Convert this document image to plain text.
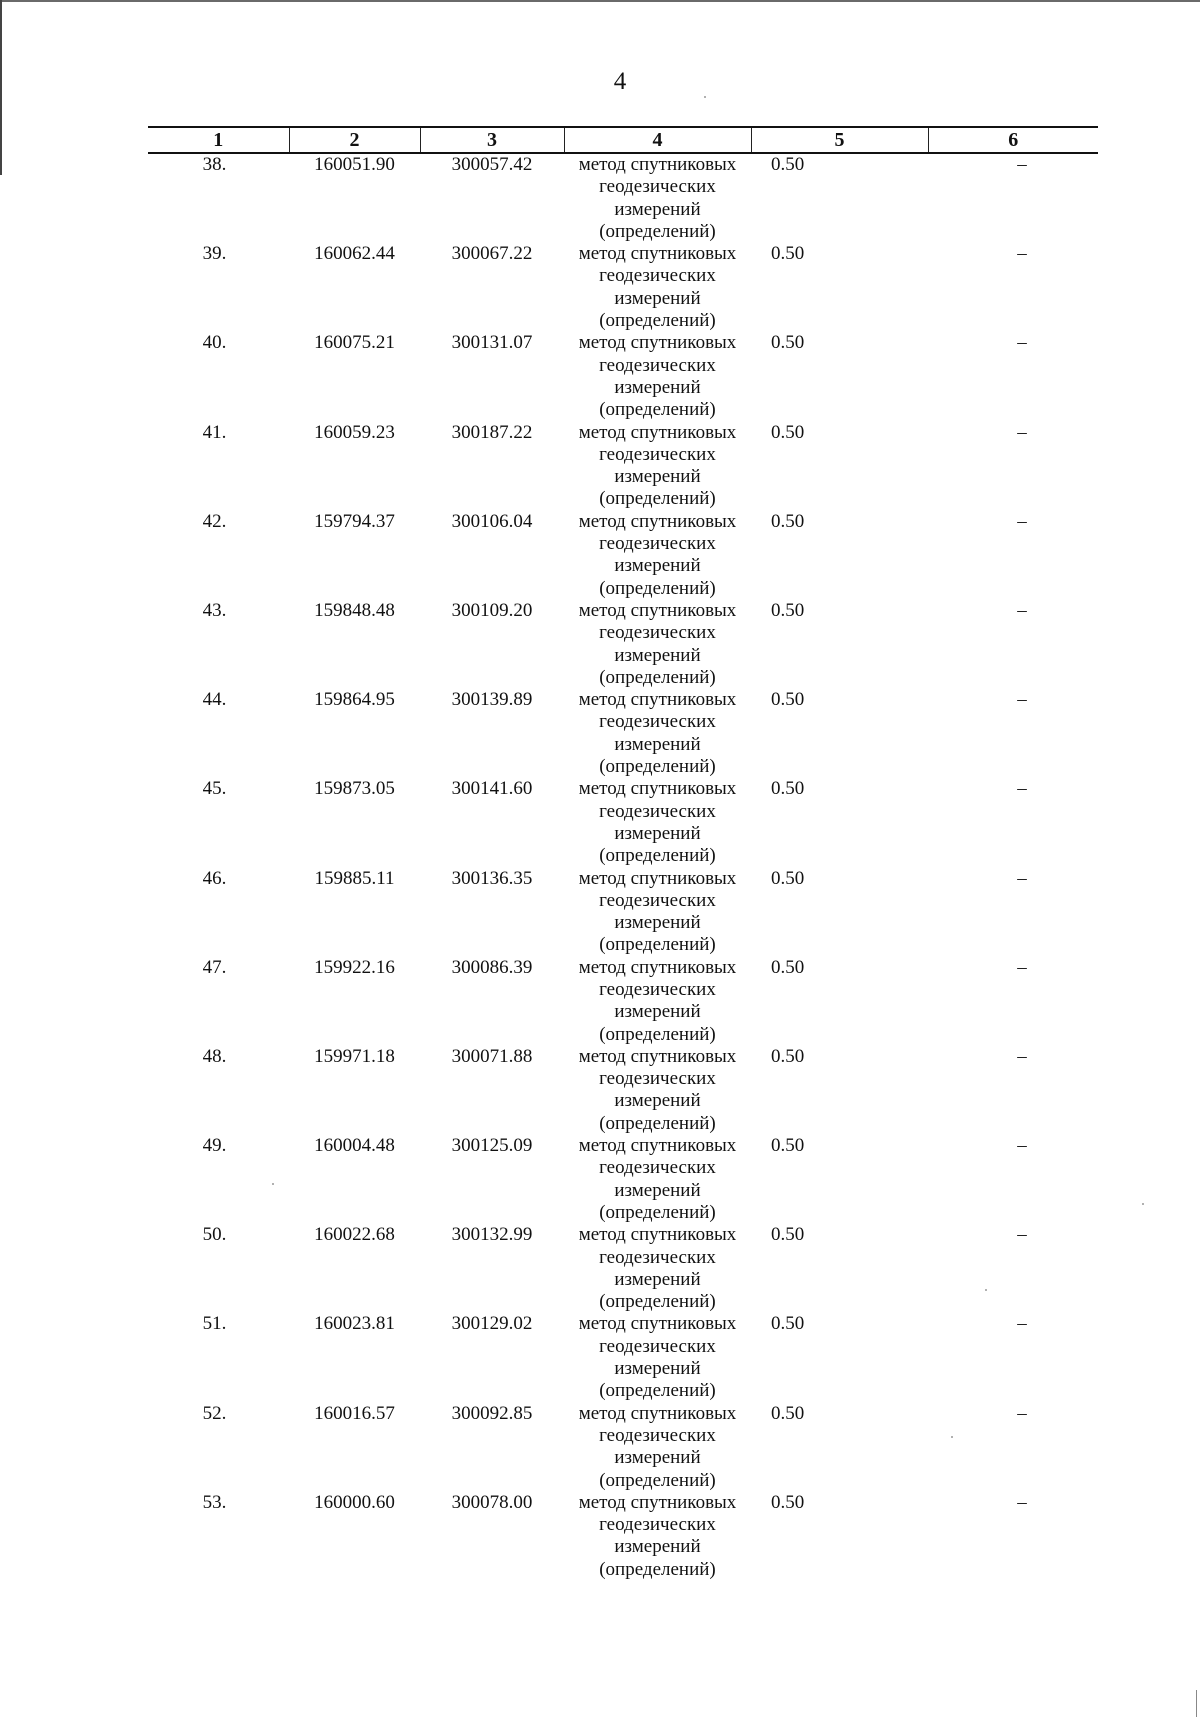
4
1	2	3	4	5	6
38.	160051.90	300057.42	метод спутниковых
геодезических
измерений
(определений)	0.50	–
39.	160062.44	300067.22	метод спутниковых
геодезических
измерений
(определений)	0.50	–
40.	160075.21	300131.07	метод спутниковых
геодезических
измерений
(определений)	0.50	–
41.	160059.23	300187.22	метод спутниковых
геодезических
измерений
(определений)	0.50	–
42.	159794.37	300106.04	метод спутниковых
геодезических
измерений
(определений)	0.50	–
43.	159848.48	300109.20	метод спутниковых
геодезических
измерений
(определений)	0.50	–
44.	159864.95	300139.89	метод спутниковых
геодезических
измерений
(определений)	0.50	–
45.	159873.05	300141.60	метод спутниковых
геодезических
измерений
(определений)	0.50	–
46.	159885.11	300136.35	метод спутниковых
геодезических
измерений
(определений)	0.50	–
47.	159922.16	300086.39	метод спутниковых
геодезических
измерений
(определений)	0.50	–
48.	159971.18	300071.88	метод спутниковых
геодезических
измерений
(определений)	0.50	–
49.	160004.48	300125.09	метод спутниковых
геодезических
измерений
(определений)	0.50	–
50.	160022.68	300132.99	метод спутниковых
геодезических
измерений
(определений)	0.50	–
51.	160023.81	300129.02	метод спутниковых
геодезических
измерений
(определений)	0.50	–
52.	160016.57	300092.85	метод спутниковых
геодезических
измерений
(определений)	0.50	–
53.	160000.60	300078.00	метод спутниковых
геодезических
измерений
(определений)	0.50	–
